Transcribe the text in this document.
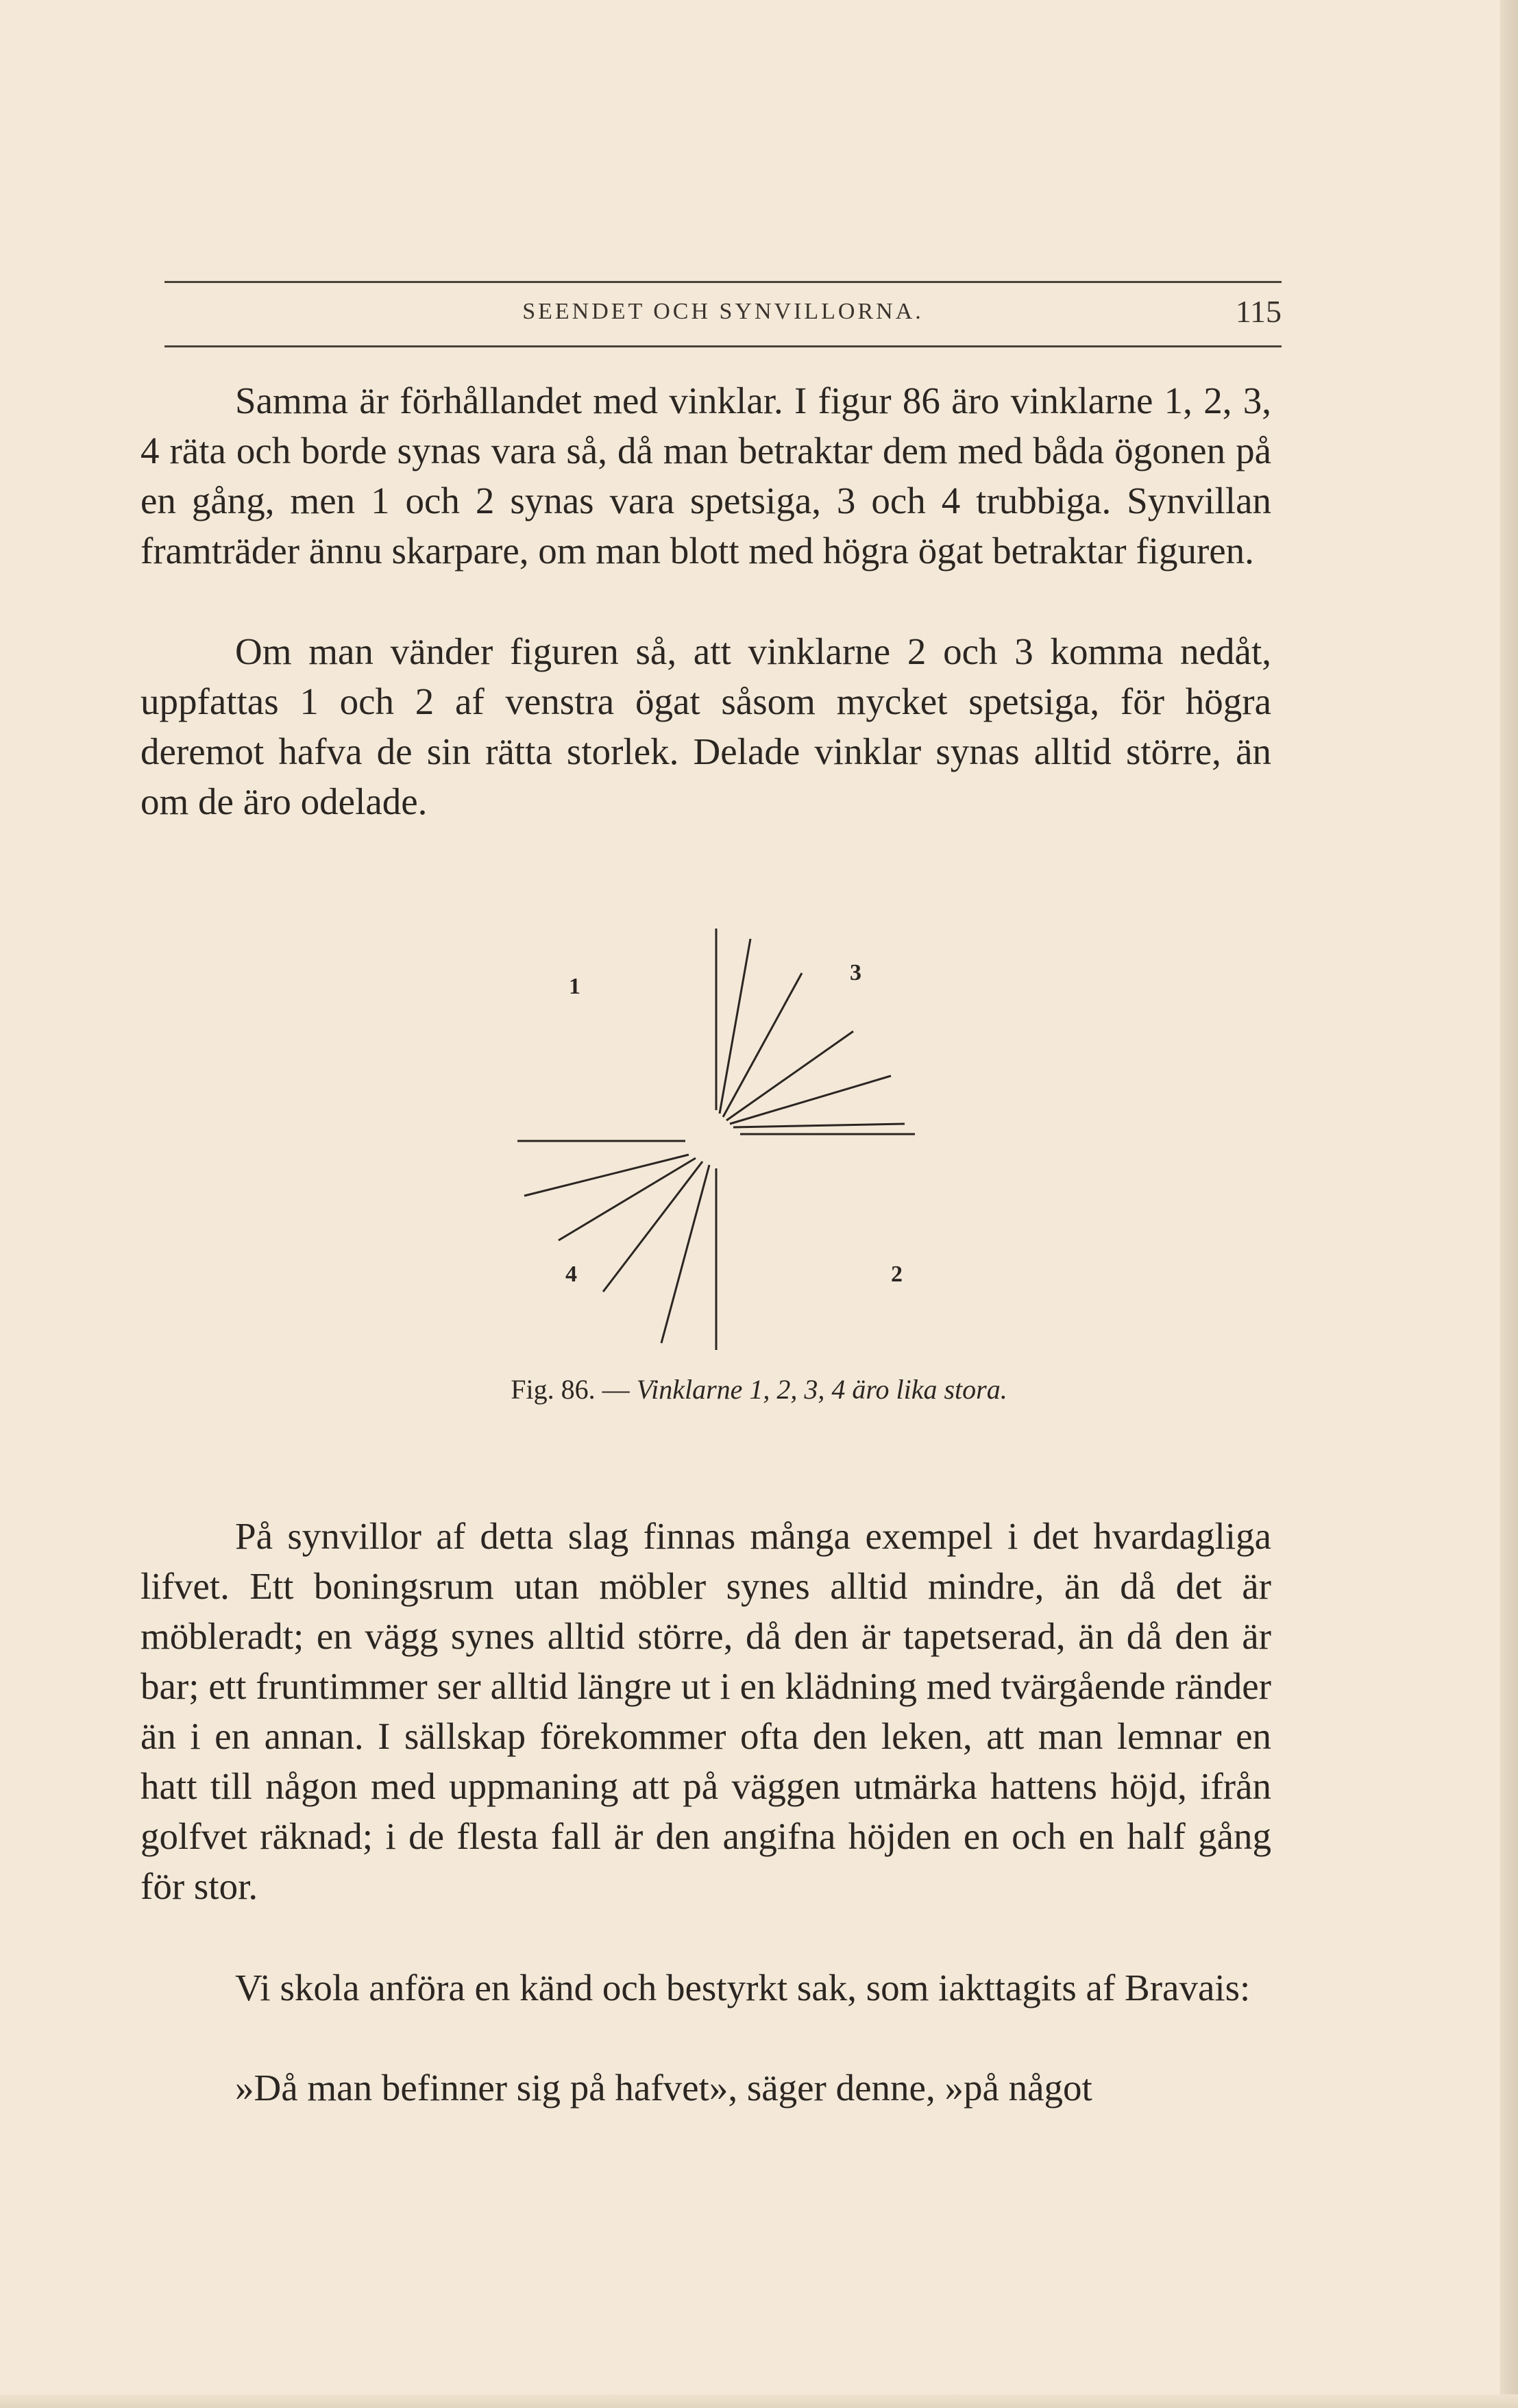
SEENDET OCH SYNVILLORNA.	115

Samma är förhållandet med vinklar. I figur 86 äro vinklarne 1, 2, 3, 4 räta och borde synas vara så, då man betraktar dem med båda ögonen på en gång, men 1 och 2 synas vara spetsiga, 3 och 4 trubbiga. Synvillan framträder ännu skarpare, om man blott med högra ögat betraktar figuren.

Om man vänder figuren så, att vinklarne 2 och 3 komma nedåt, uppfattas 1 och 2 af venstra ögat såsom mycket spetsiga, för högra deremot hafva de sin rätta storlek. Delade vinklar synas alltid större, än om de äro odelade.

1
3
4	2
Fig. 86. — Vinklarne 1, 2, 3, 4 äro lika stora.

På synvillor af detta slag finnas många exempel i det hvardagliga lifvet. Ett boningsrum utan möbler synes alltid mindre, än då det är möbleradt; en vägg synes alltid större, då den är tapetserad, än då den är bar; ett fruntimmer ser alltid längre ut i en klädning med tvärgående ränder än i en annan. I sällskap förekommer ofta den leken, att man lemnar en hatt till någon med uppmaning att på väggen utmärka hattens höjd, ifrån golfvet räknad; i de flesta fall är den angifna höjden en och en half gång för stor.

Vi skola anföra en känd och bestyrkt sak, som iakttagits af Bravais:

»Då man befinner sig på hafvet», säger denne, »på något
